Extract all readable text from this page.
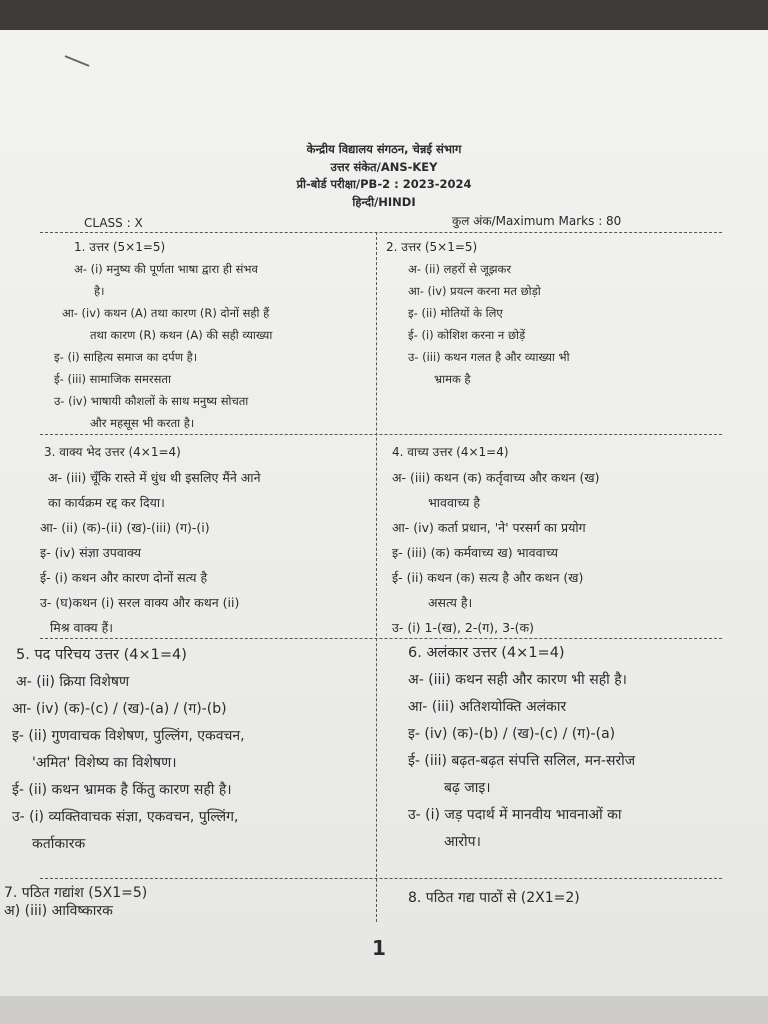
केन्द्रीय विद्यालय संगठन, चेन्नई संभाग
उत्तर संकेत/ANS-KEY
प्री-बोर्ड परीक्षा/PB-2 : 2023-2024
हिन्दी/HINDI
CLASS : X	कुल अंक/Maximum Marks : 80
1. उत्तर (5×1=5)
अ- (i) मनुष्य की पूर्णता भाषा द्वारा ही संभव
है।
आ- (iv) कथन (A) तथा कारण (R) दोनों सही हैं
तथा कारण (R) कथन (A) की सही व्याख्या
इ- (i) साहित्य समाज का दर्पण है।
ई- (iii) सामाजिक समरसता
उ- (iv) भाषायी कौशलों के साथ मनुष्य सोचता
और महसूस भी करता है।
2. उत्तर (5×1=5)
अ- (ii) लहरों से जूझकर
आ- (iv) प्रयत्न करना मत छोड़ो
इ- (ii) मोतियों के लिए
ई- (i) कोशिश करना न छोड़ें
उ- (iii) कथन गलत है और व्याख्या भी
भ्रामक है
3. वाक्य भेद उत्तर (4×1=4)
अ- (iii) चूँकि रास्ते में धुंध थी इसलिए मैंने आने
का कार्यक्रम रद्द कर दिया।
आ- (ii) (क)-(ii) (ख)-(iii) (ग)-(i)
इ- (iv) संज्ञा उपवाक्य
ई- (i) कथन और कारण दोनों सत्य है
उ- (घ)कथन (i) सरल वाक्य और कथन (ii)
मिश्र वाक्य हैं।
4. वाच्य उत्तर (4×1=4)
अ- (iii) कथन (क) कर्तृवाच्य और कथन (ख)
भाववाच्य है
आ- (iv) कर्ता प्रधान, 'ने' परसर्ग का प्रयोग
इ- (iii) (क) कर्मवाच्य ख) भाववाच्य
ई- (ii) कथन (क) सत्य है और कथन (ख)
असत्य है।
उ- (i) 1-(ख), 2-(ग), 3-(क)
5. पद परिचय उत्तर (4×1=4)
अ- (ii) क्रिया विशेषण
आ- (iv) (क)-(c) / (ख)-(a) / (ग)-(b)
इ- (ii) गुणवाचक विशेषण, पुल्लिंग, एकवचन,
'अमित' विशेष्य का विशेषण।
ई- (ii) कथन भ्रामक है किंतु कारण सही है।
उ- (i) व्यक्तिवाचक संज्ञा, एकवचन, पुल्लिंग,
कर्ताकारक
6. अलंकार उत्तर (4×1=4)
अ- (iii) कथन सही और कारण भी सही है।
आ- (iii) अतिशयोक्ति अलंकार
इ- (iv) (क)-(b) / (ख)-(c) / (ग)-(a)
ई- (iii) बढ़त-बढ़त संपत्ति सलिल, मन-सरोज
बढ़ जाइ।
उ- (i) जड़ पदार्थ में मानवीय भावनाओं का
आरोप।
7. पठित गद्यांश (5X1=5)
अ) (iii) आविष्कारक
8. पठित गद्य पाठों से (2X1=2)
1
